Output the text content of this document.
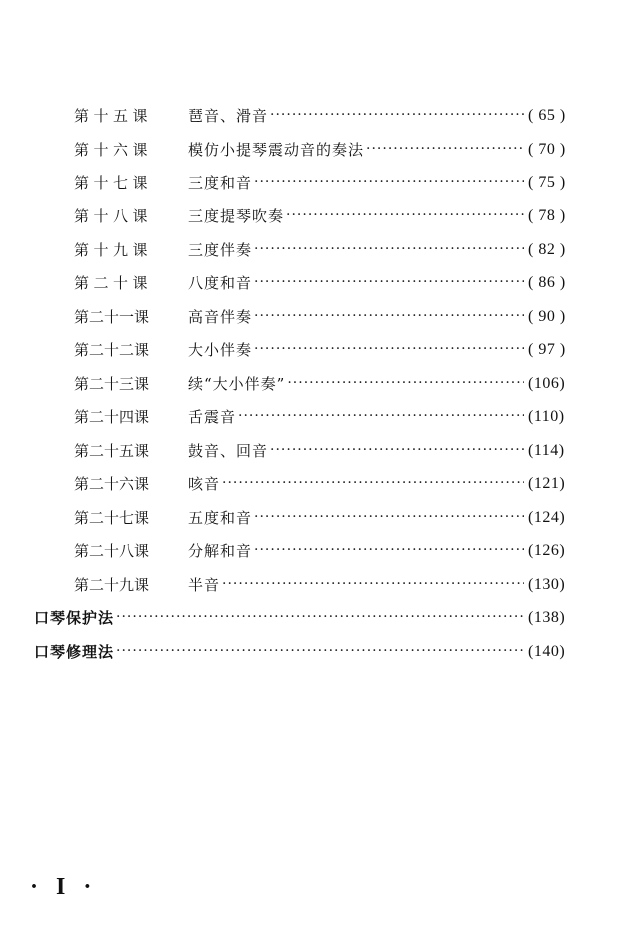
第十五课	琶音、滑音 ·····	( 65 )
第十六课	模仿小提琴震动音的奏法 ·····	( 70 )
第十七课	三度和音 ·····	( 75 )
第十八课	三度提琴吹奏 ·····	( 78 )
第十九课	三度伴奏 ·····	( 82 )
第二十课	八度和音 ·····	( 86 )
第二十一课	高音伴奏 ·····	( 90 )
第二十二课	大小伴奏 ·····	( 97 )
第二十三课	续“大小伴奏” ·····	(106)
第二十四课	舌震音 ·····	(110)
第二十五课	鼓音、回音 ·····	(114)
第二十六课	咳音 ·····	(121)
第二十七课	五度和音 ·····	(124)
第二十八课	分解和音 ·····	(126)
第二十九课	半音 ·····	(130)
口琴保护法 ·····	(138)
口琴修理法 ·····	(140)
· I ·
